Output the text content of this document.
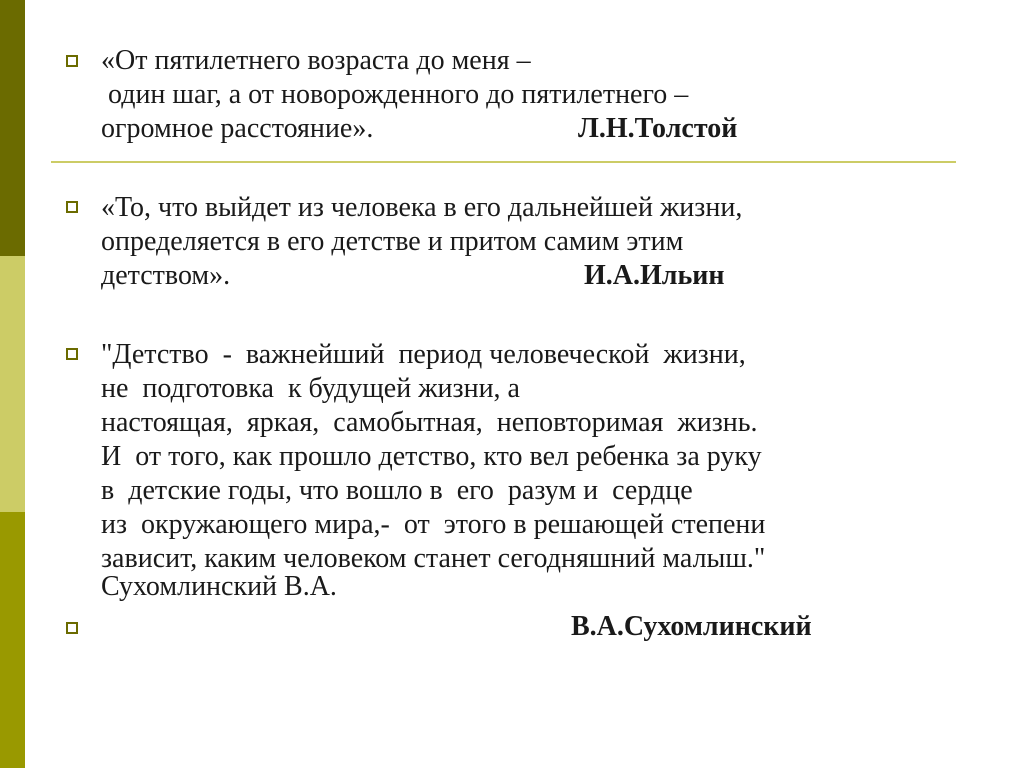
«От пятилетнего возраста до меня –

один шаг, а от новорожденного до пятилетнего –

огромное расстояние».	Л.Н.Толстой

«То, что выйдет из человека в его дальнейшей жизни,

определяется в его детстве и притом самим этим

детством».	И.А.Ильин

"Детство  -  важнейший  период человеческой  жизни,

не  подготовка  к будущей жизни, а

настоящая,  яркая,  самобытная,  неповторимая  жизнь.

И  от того, как прошло детство, кто вел ребенка за руку

в  детские годы, что вошло в  его  разум и  сердце

из  окружающего мира,-  от  этого в решающей степени

зависит, каким человеком станет сегодняшний малыш."

Сухомлинский В.А.

В.А.Сухомлинский
